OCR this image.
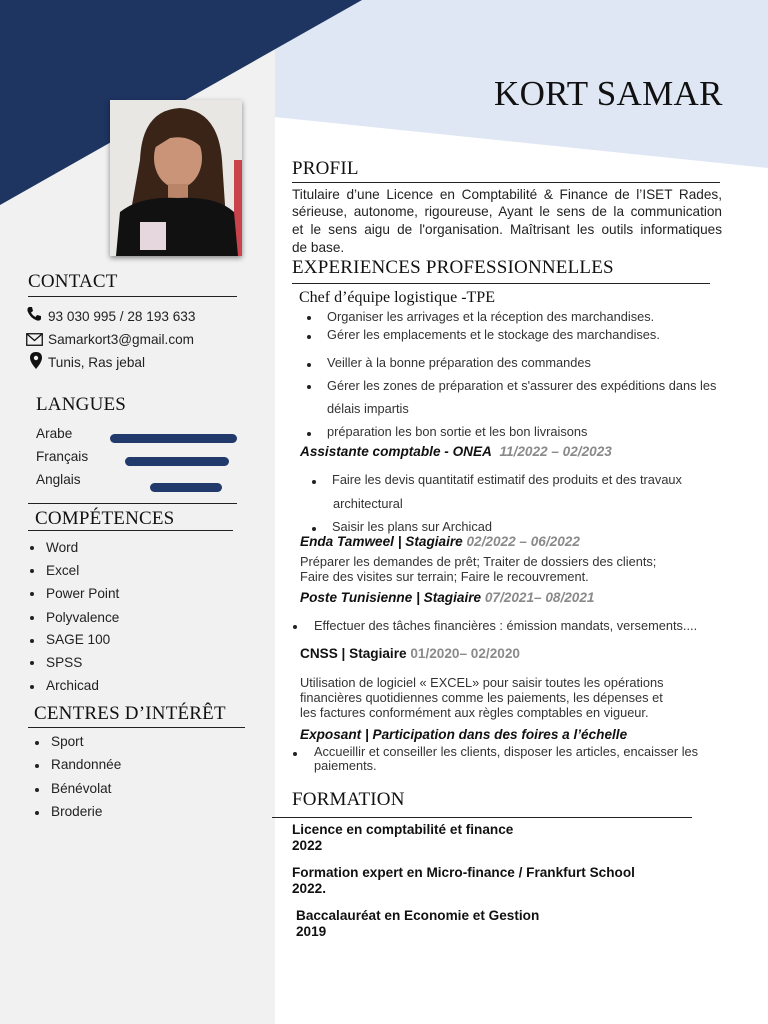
KORT SAMAR
CONTACT
93 030 995 / 28 193 633
Samarkort3@gmail.com
Tunis, Ras jebal
LANGUES
Arabe
Français
Anglais
COMPÉTENCES
Word
Excel
Power Point
Polyvalence
SAGE 100
SPSS
Archicad
CENTRES D’INTÉRÊT
Sport
Randonnée
Bénévolat
Broderie
PROFIL
Titulaire d’une Licence en Comptabilité & Finance de l’ISET Rades,
sérieuse, autonome, rigoureuse, Ayant le sens de la communication
et le sens aigu de l'organisation. Maîtrisant les outils informatiques
de base.
EXPERIENCES PROFESSIONNELLES
Chef d’équipe logistique -TPE
Organiser les arrivages et la réception des marchandises.
Gérer les emplacements et le stockage des marchandises.
Veiller à la bonne préparation des commandes
Gérer les zones de préparation et s'assurer des expéditions dans les
délais impartis
préparation les bon sortie et les bon livraisons
Assistante comptable - ONEA 11/2022 – 02/2023
Faire les devis quantitatif estimatif des produits et des travaux
architectural
Saisir les plans sur Archicad
Enda Tamweel | Stagiaire 02/2022 – 06/2022
Préparer les demandes de prêt; Traiter de dossiers des clients;
Faire des visites sur terrain; Faire le recouvrement.
Poste Tunisienne | Stagiaire 07/2021– 08/2021
Effectuer des tâches financières : émission mandats, versements....
CNSS | Stagiaire 01/2020– 02/2020
Utilisation de logiciel « EXCEL» pour saisir toutes les opérations
financières quotidiennes comme les paiements, les dépenses et
les factures conformément aux règles comptables en vigueur.
Exposant | Participation dans des foires a l’échelle
Accueillir et conseiller les clients, disposer les articles, encaisser les
paiements.
FORMATION
Licence en comptabilité et finance
2022
Formation expert en Micro-finance / Frankfurt School
2022.
Baccalauréat en Economie et Gestion
2019
